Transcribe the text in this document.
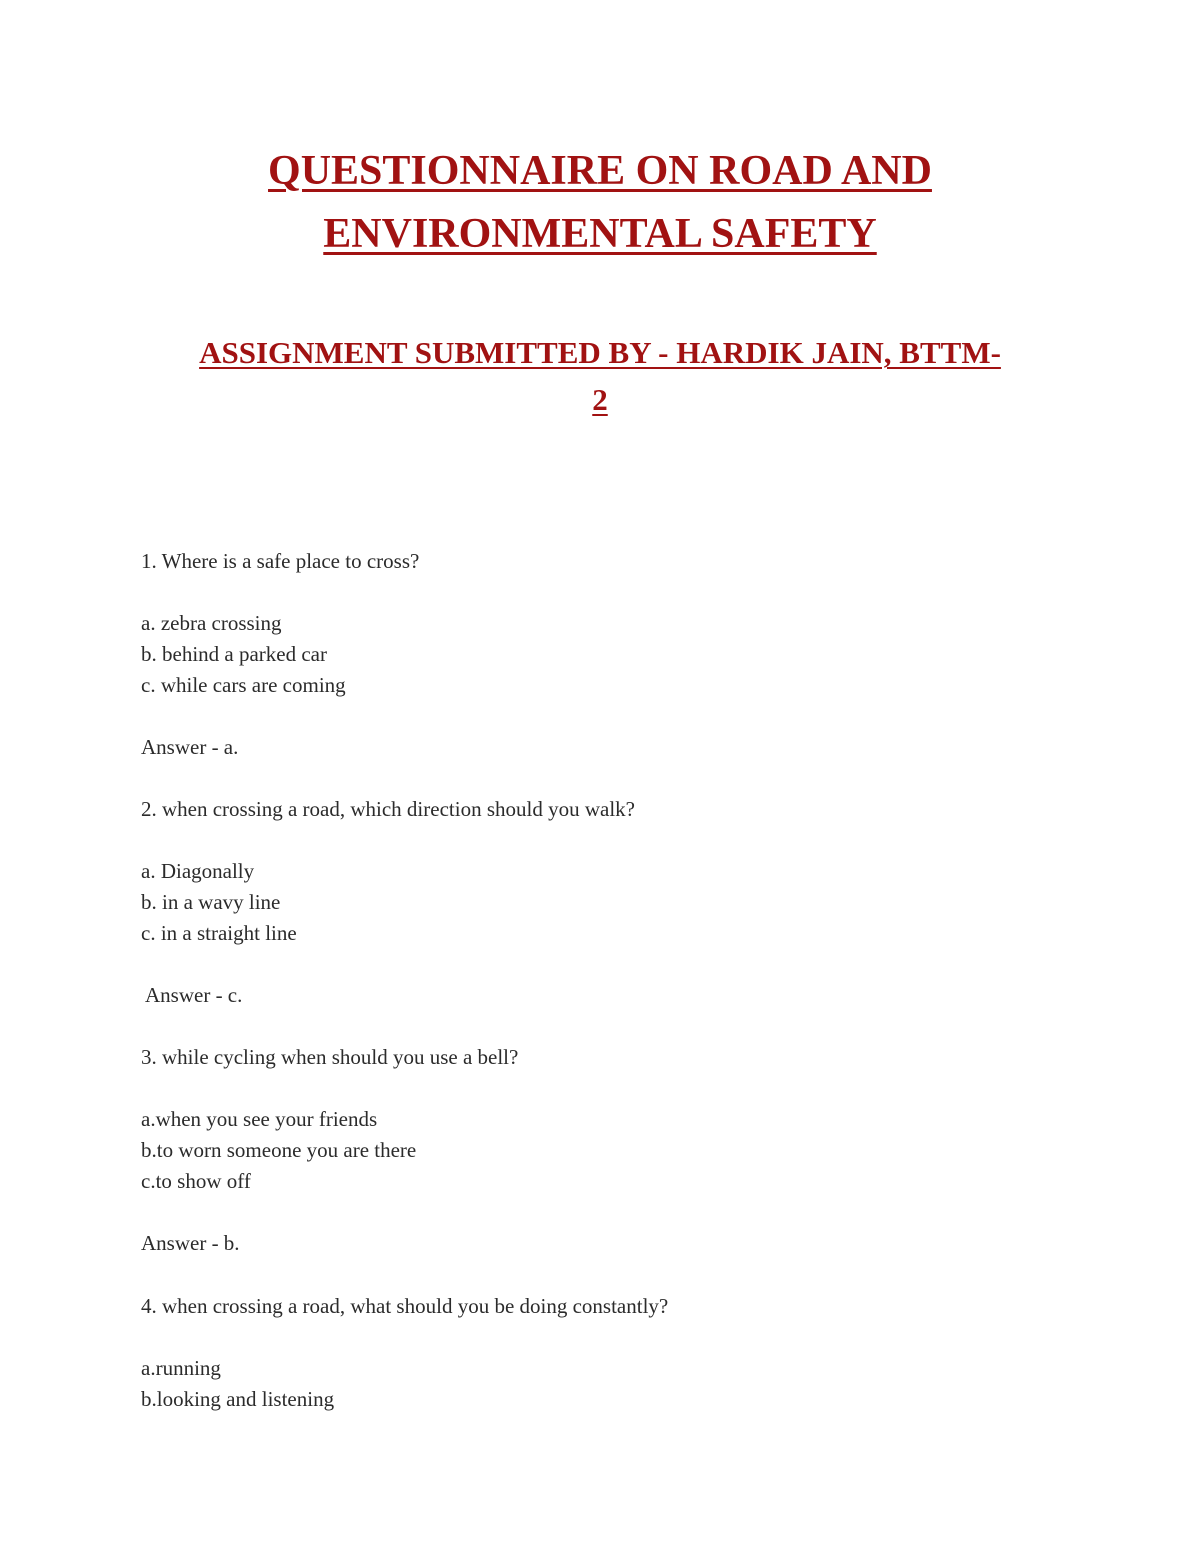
QUESTIONNAIRE ON ROAD AND
ENVIRONMENTAL SAFETY
ASSIGNMENT SUBMITTED BY - HARDIK JAIN, BTTM-
2

1. Where is a safe place to cross?

a. zebra crossing

b. behind a parked car

c. while cars are coming

Answer - a.

2. when crossing a road, which direction should you walk?

a. Diagonally

b. in a wavy line

c. in a straight line

Answer - c.

3. while cycling when should you use a bell?

a.when you see your friends

b.to worn someone you are there

c.to show off

Answer - b.

4. when crossing a road, what should you be doing constantly?

a.running

b.looking and listening
